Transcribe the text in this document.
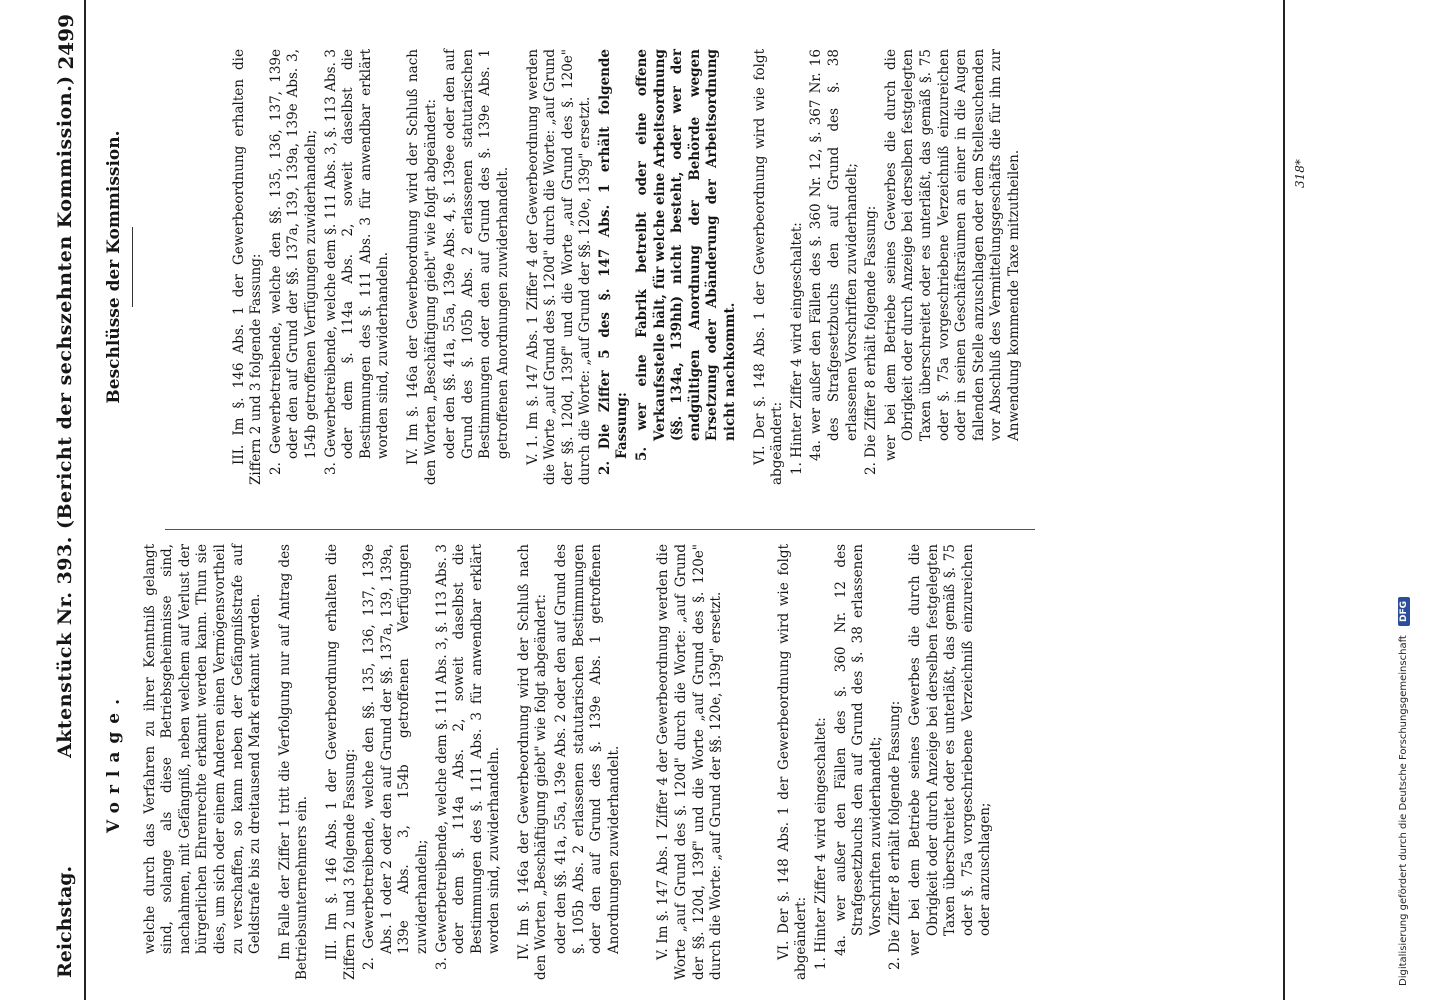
Reichstag.
Aktenstück Nr. 393. (Bericht der sechszehnten Kommission.)
2499
Vorlage. welche durch das Verfahren zu ihrer Kenntniß gelangt sind, solange als diese Betriebsgeheimnisse sind, nachahmen, mit Gefängniß, neben welchem auf Verlust der bürgerlichen Ehrenrechte erkannt werden kann. Thun sie dies, um sich oder einem Anderen einen Vermögensvortheil zu verschaffen, so kann neben der Gefängnißstrafe auf Geldstrafe bis zu dreitausend Mark erkannt werden. Im Falle der Ziffer 1 tritt die Verfolgung nur auf Antrag des Betriebsunternehmers ein. III. Im §. 146 Abs. 1 der Gewerbeordnung erhalten die Ziffern 2 und 3 folgende Fassung: 2. Gewerbetreibende, welche den §§. 135, 136, 137, 139e Abs. 1 oder 2 oder den auf Grund der §§. 137a, 139, 139a, 139e Abs. 3, 154b getroffenen Verfügungen zuwiderhandeln; 3. Gewerbetreibende, welche dem §. 111 Abs. 3, §. 113 Abs. 3 oder dem §. 114a Abs. 2, soweit daselbst die Bestimmungen des §. 111 Abs. 3 für anwendbar erklärt worden sind, zuwiderhandeln. IV. Im §. 146a der Gewerbeordnung wird der Schluß nach den Worten „Beschäftigung giebt" wie folgt abgeändert: oder den §§. 41a, 55a, 139e Abs. 2 oder den auf Grund des §. 105b Abs. 2 erlassenen statutarischen Bestimmungen oder den auf Grund des §. 139e Abs. 1 getroffenen Anordnungen zuwiderhandelt. V. Im §. 147 Abs. 1 Ziffer 4 der Gewerbeordnung werden die Worte „auf Grund des §. 120d" durch die Worte: „auf Grund der §§. 120d, 139f" und die Worte „auf Grund des §. 120e" durch die Worte: „auf Grund der §§. 120e, 139g" ersetzt.	VI. Der §. 148 Abs. 1 der Gewerbeordnung wird wie folgt abgeändert: 1. Hinter Ziffer 4 wird eingeschaltet: 4a. wer außer den Fällen des §. 360 Nr. 12 des Strafgesetzbuchs den auf Grund des §. 38 erlassenen Vorschriften zuwiderhandelt; 2. Die Ziffer 8 erhält folgende Fassung: wer bei dem Betriebe seines Gewerbes die durch die Obrigkeit oder durch Anzeige bei derselben festgelegten Taxen überschreitet oder es unterläßt, das gemäß §. 75 oder §. 75a vorgeschriebene Verzeichniß einzureichen oder anzuschlagen;

Beschlüsse der Kommission.	III. Im §. 146 Abs. 1 der Gewerbeordnung erhalten die Ziffern 2 und 3 folgende Fassung: 2. Gewerbetreibende, welche den §§. 135, 136, 137, 139e oder den auf Grund der §§. 137a, 139, 139a, 139e Abs. 3, 154b getroffenen Verfügungen zuwiderhandeln; 3. Gewerbetreibende, welche dem §. 111 Abs. 3, §. 113 Abs. 3 oder dem §. 114a Abs. 2, soweit daselbst die Bestimmungen des §. 111 Abs. 3 für anwendbar erklärt worden sind, zuwiderhandeln. IV. Im §. 146a der Gewerbeordnung wird der Schluß nach den Worten „Beschäftigung giebt" wie folgt abgeändert: oder den §§. 41a, 55a, 139e Abs. 4, §. 139ee oder den auf Grund des §. 105b Abs. 2 erlassenen statutarischen Bestimmungen oder den auf Grund des §. 139e Abs. 1 getroffenen Anordnungen zuwiderhandelt. V. 1. Im §. 147 Abs. 1 Ziffer 4 der Gewerbeordnung werden die Worte „auf Grund des §. 120d" durch die Worte: „auf Grund der §§. 120d, 139f" und die Worte „auf Grund des §. 120e" durch die Worte: „auf Grund der §§. 120e, 139g" ersetzt. 2. Die Ziffer 5 des §. 147 Abs. 1 erhält folgende Fassung: 5. wer eine Fabrik betreibt oder eine offene Verkaufsstelle hält, für welche eine Arbeitsordnung (§§. 134a, 139hh) nicht besteht, oder wer der endgültigen Anordnung der Behörde wegen Ersetzung oder Abänderung der Arbeitsordnung nicht nachkommt. VI. Der §. 148 Abs. 1 der Gewerbeordnung wird wie folgt abgeändert: 1. Hinter Ziffer 4 wird eingeschaltet: 4a. wer außer den Fällen des §. 360 Nr. 12, §. 367 Nr. 16 des Strafgesetzbuchs den auf Grund des §. 38 erlassenen Vorschriften zuwiderhandelt; 2. Die Ziffer 8 erhält folgende Fassung: wer bei dem Betriebe seines Gewerbes die durch die Obrigkeit oder durch Anzeige bei derselben festgelegten Taxen überschreitet oder es unterläßt, das gemäß §. 75 oder §. 75a vorgeschriebene Verzeichniß einzureichen oder in seinen Geschäftsräumen an einer in die Augen fallenden Stelle anzuschlagen oder dem Stellesuchenden vor Abschluß des Vermittelungsgeschäfts die für ihn zur Anwendung kommende Taxe mitzutheilen.	318*
Digitalisierung gefördert durch die Deutsche Forschungsgemeinschaft DFG
